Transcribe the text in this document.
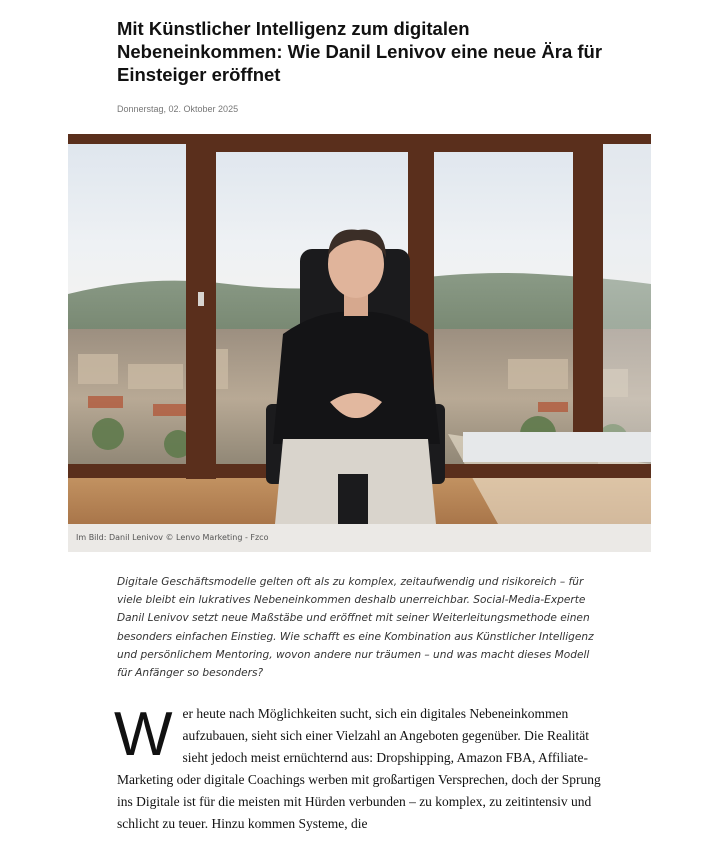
Mit Künstlicher Intelligenz zum digitalen Nebeneinkommen: Wie Danil Lenivov eine neue Ära für Einsteiger eröffnet
Donnerstag, 02. Oktober 2025
Im Bild: Danil Lenivov © Lenvo Marketing - Fzco

Digitale Geschäftsmodelle gelten oft als zu komplex, zeitaufwendig und risikoreich – für viele bleibt ein lukratives Nebeneinkommen deshalb unerreichbar. Social-Media-Experte Danil Lenivov setzt neue Maßstäbe und eröffnet mit seiner Weiterleitungsmethode einen besonders einfachen Einstieg. Wie schafft es eine Kombination aus Künstlicher Intelligenz und persönlichem Mentoring, wovon andere nur träumen – und was macht dieses Modell für Anfänger so besonders?

Wer heute nach Möglichkeiten sucht, sich ein digitales Nebeneinkommen aufzubauen, sieht sich einer Vielzahl an Angeboten gegenüber. Die Realität sieht jedoch meist ernüchternd aus: Dropshipping, Amazon FBA, Affiliate-Marketing oder digitale Coachings werben mit großartigen Versprechen, doch der Sprung ins Digitale ist für die meisten mit Hürden verbunden – zu komplex, zu zeitintensiv und schlicht zu teuer. Hinzu kommen Systeme, die
